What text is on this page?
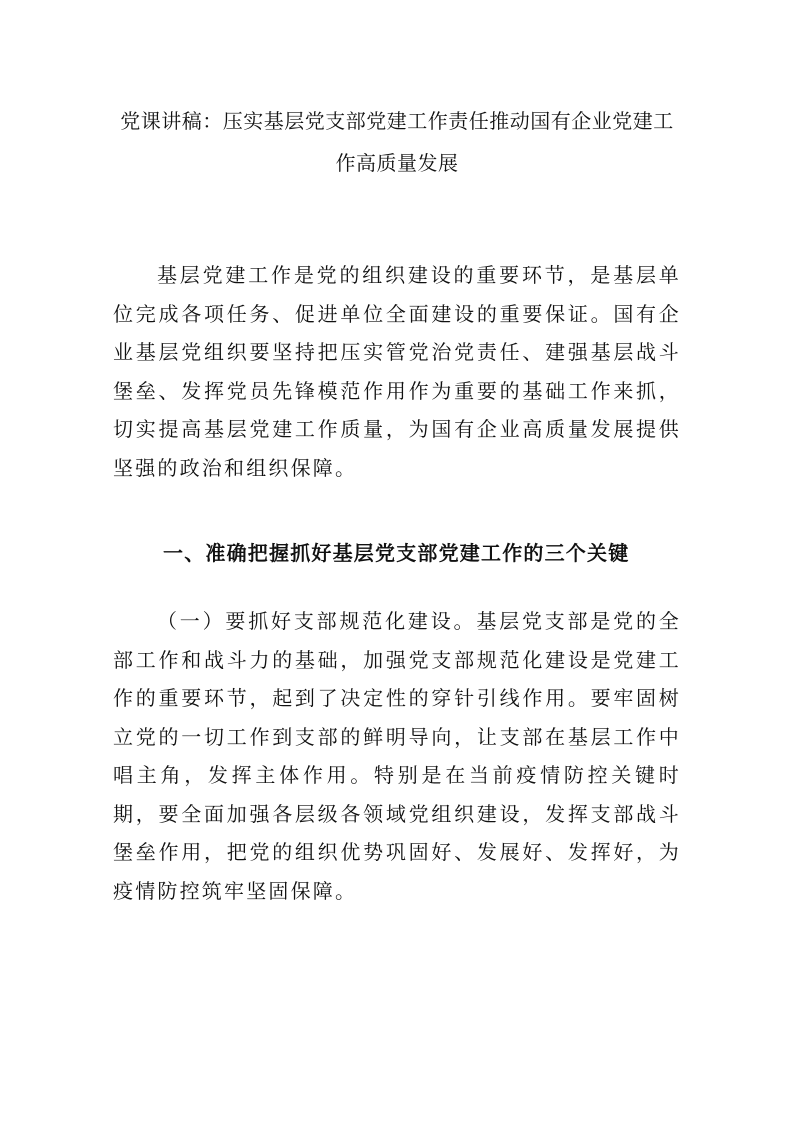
党课讲稿：压实基层党支部党建工作责任推动国有企业党建工作高质量发展

基层党建工作是党的组织建设的重要环节，是基层单位完成各项任务、促进单位全面建设的重要保证。国有企业基层党组织要坚持把压实管党治党责任、建强基层战斗堡垒、发挥党员先锋模范作用作为重要的基础工作来抓，切实提高基层党建工作质量，为国有企业高质量发展提供坚强的政治和组织保障。

一、准确把握抓好基层党支部党建工作的三个关键

（一）要抓好支部规范化建设。基层党支部是党的全部工作和战斗力的基础，加强党支部规范化建设是党建工作的重要环节，起到了决定性的穿针引线作用。要牢固树立党的一切工作到支部的鲜明导向，让支部在基层工作中唱主角，发挥主体作用。特别是在当前疫情防控关键时期，要全面加强各层级各领域党组织建设，发挥支部战斗堡垒作用，把党的组织优势巩固好、发展好、发挥好，为疫情防控筑牢坚固保障。
